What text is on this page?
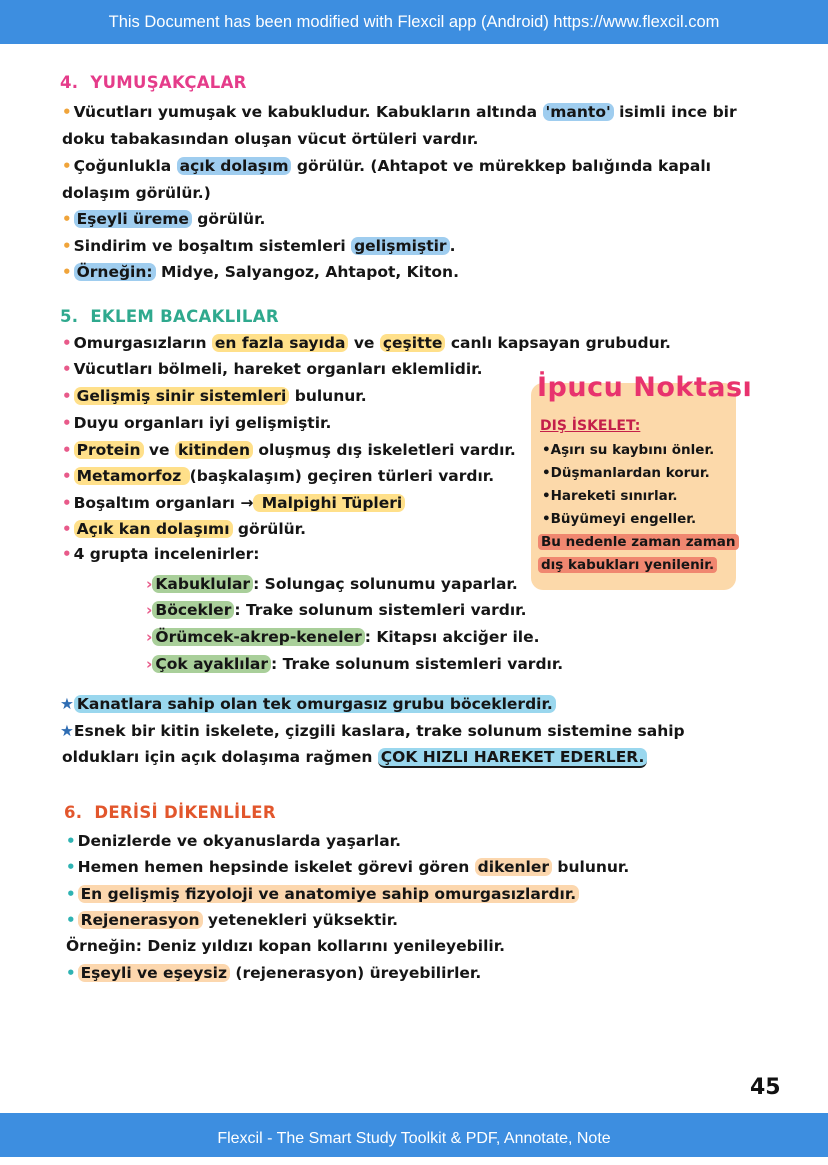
This Document has been modified with Flexcil app (Android) https://www.flexcil.com
4. YUMUŞAKÇALAR
• Vücutları yumuşak ve kabukludur. Kabukların altında 'manto' isimli ince bir
doku tabakasından oluşan vücut örtüleri vardır.
• Çoğunlukla açık dolaşım görülür. (Ahtapot ve mürekkep balığında kapalı
dolaşım görülür.)
• Eşeyli üreme görülür.
• Sindirim ve boşaltım sistemleri gelişmiştir .
• Örneğin: Midye, Salyangoz, Ahtapot, Kiton.
5. EKLEM BACAKLILAR
• Omurgasızların en fazla sayıda ve çeşitte canlı kapsayan grubudur.
• Vücutları bölmeli, hareket organları eklemlidir.
• Gelişmiş sinir sistemleri bulunur.
• Duyu organları iyi gelişmiştir.
• Protein ve kitinden oluşmuş dış iskeletleri vardır.
• Metamorfoz (başkalaşım) geçiren türleri vardır.
• Boşaltım organları → Malpighi Tüpleri
• Açık kan dolaşımı görülür.
• 4 grupta incelenirler:
› Kabuklular : Solungaç solunumu yaparlar.
› Böcekler : Trake solunum sistemleri vardır.
› Örümcek-akrep-keneler : Kitapsı akciğer ile.
› Çok ayaklılar : Trake solunum sistemleri vardır.
★ Kanatlara sahip olan tek omurgasız grubu böceklerdir.
★Esnek bir kitin iskelete, çizgili kaslara, trake solunum sistemine sahip
oldukları için açık dolaşıma rağmen ÇOK HIZLI HAREKET EDERLER.
İpucu Noktası
DIŞ İSKELET:
•Aşırı su kaybını önler.
•Düşmanlardan korur.
•Hareketi sınırlar.
•Büyümeyi engeller.
Bu nedenle zaman zaman
dış kabukları yenilenir.
6. DERİSİ DİKENLİLER
• Denizlerde ve okyanuslarda yaşarlar.
• Hemen hemen hepsinde iskelet görevi gören dikenler bulunur.
• En gelişmiş fizyoloji ve anatomiye sahip omurgasızlardır.
• Rejenerasyon yetenekleri yüksektir.
Örneğin: Deniz yıldızı kopan kollarını yenileyebilir.
• Eşeyli ve eşeysiz (rejenerasyon) üreyebilirler.
45
Flexcil - The Smart Study Toolkit & PDF, Annotate, Note
